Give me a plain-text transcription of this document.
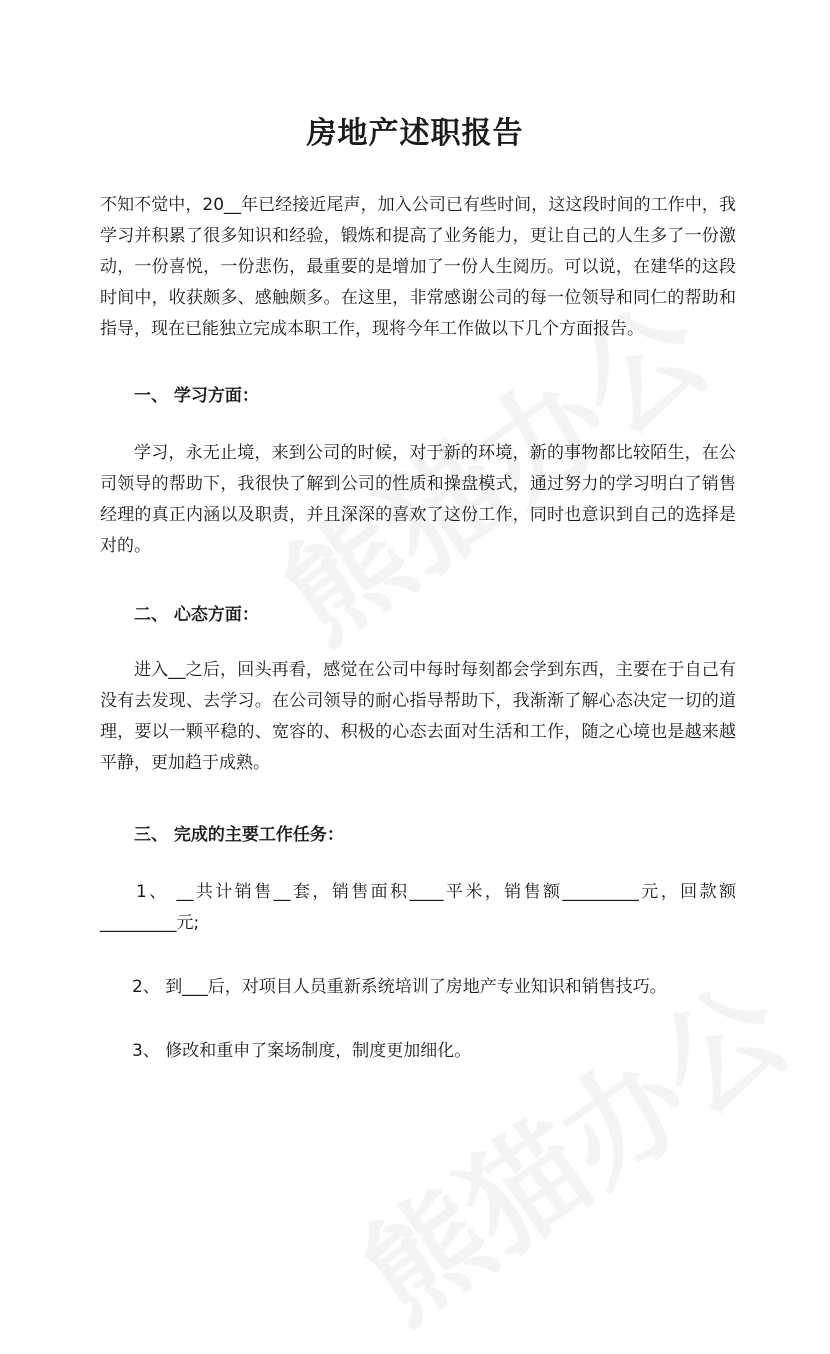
房地产述职报告

不知不觉中，20__年已经接近尾声，加入公司已有些时间，这这段时间的工作中，我学习并积累了很多知识和经验，锻炼和提高了业务能力，更让自己的人生多了一份激动，一份喜悦，一份悲伤，最重要的是增加了一份人生阅历。可以说，在建华的这段时间中，收获颇多、感触颇多。在这里，非常感谢公司的每一位领导和同仁的帮助和指导，现在已能独立完成本职工作，现将今年工作做以下几个方面报告。

一、 学习方面：

学习，永无止境，来到公司的时候，对于新的环境，新的事物都比较陌生，在公司领导的帮助下，我很快了解到公司的性质和操盘模式，通过努力的学习明白了销售经理的真正内涵以及职责，并且深深的喜欢了这份工作，同时也意识到自己的选择是对的。

二、 心态方面：

进入__之后，回头再看，感觉在公司中每时每刻都会学到东西，主要在于自己有没有去发现、去学习。在公司领导的耐心指导帮助下，我渐渐了解心态决定一切的道理，要以一颗平稳的、宽容的、积极的心态去面对生活和工作，随之心境也是越来越平静，更加趋于成熟。

三、 完成的主要工作任务：

1、 __共计销售__套，销售面积____平米，销售额_________元，回款额_________元;

2、 到___后，对项目人员重新系统培训了房地产专业知识和销售技巧。

3、 修改和重申了案场制度，制度更加细化。
